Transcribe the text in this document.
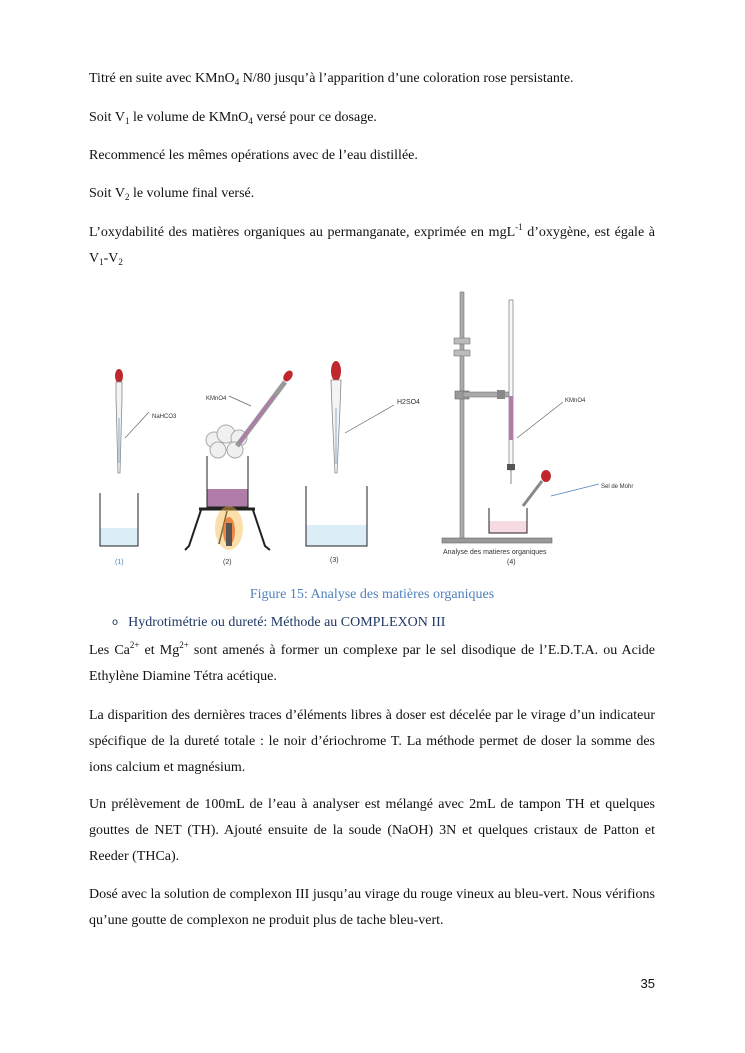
Titré en suite avec KMnO$_4$ N/80 jusqu’à l’apparition d’une coloration rose persistante.

Soit $V_1$ le volume de KMnO$_4$ versé pour ce dosage.

Recommencé les mêmes opérations avec de l’eau distillée.

Soit $V_2$ le volume final versé.

L’oxydabilité des matières organiques au permanganate, exprimée en mgL$^{-1}$ d’oxygène, est égale à $V_1-V_2$

NaHCO3
(1)
KMnO4
(2)
H2SO4
(3)
KMnO4
Sel de Mohr
Analyse des matieres organiques
(4)
Figure 15: Analyse des matières organiques
o Hydrotimétrie ou dureté: Méthode au COMPLEXON III

Les $Ca^{2+}$ et $Mg^{2+}$ sont amenés à former un complexe par le sel disodique de l’E.D.T.A. ou Acide Ethylène Diamine Tétra acétique.

La disparition des dernières traces d’éléments libres à doser est décelée par le virage d’un indicateur spécifique de la dureté totale : le noir d’ériochrome T. La méthode permet de doser la somme des ions calcium et magnésium.

Un prélèvement de 100mL de l’eau à analyser est mélangé avec 2mL de tampon TH et quelques gouttes de NET (TH). Ajouté ensuite de la soude (NaOH) 3N et quelques cristaux de Patton et Reeder (THCa).

Dosé avec la solution de complexon III jusqu’au virage du rouge vineux au bleu-vert. Nous vérifions qu’une goutte de complexon ne produit plus de tache bleu-vert.

35
